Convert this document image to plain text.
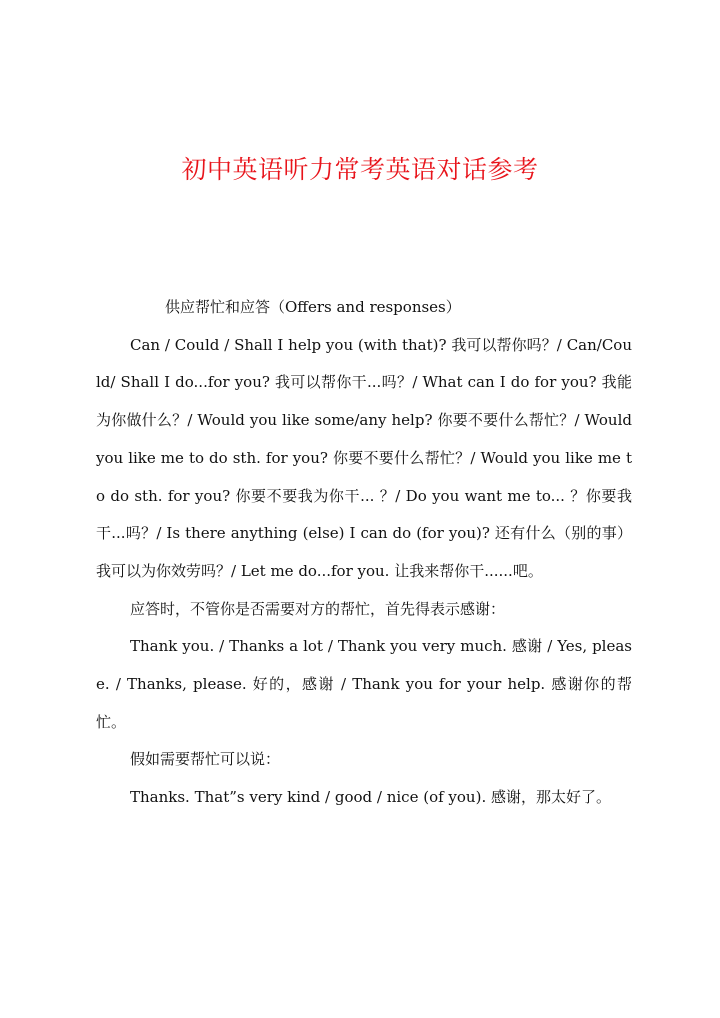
初中英语听力常考英语对话参考

供应帮忙和应答（Offers and responses）

Can / Could / Shall I help you (with that)? 我可以帮你吗？/ Can/Could/ Shall I do...for you? 我可以帮你干...吗？/ What can I do for you? 我能为你做什么？/ Would you like some/any help? 你要不要什么帮忙？/ Would you like me to do sth. for you? 你要不要什么帮忙？/ Would you like me to do sth. for you? 你要不要我为你干... ？/ Do you want me to... ？你要我干...吗？/ Is there anything (else) I can do (for you)? 还有什么（别的事）我可以为你效劳吗？/ Let me do...for you. 让我来帮你干......吧。

应答时，不管你是否需要对方的帮忙，首先得表示感谢：

Thank you. / Thanks a lot / Thank you very much. 感谢 / Yes, please. / Thanks, please. 好的，感谢 / Thank you for your help. 感谢你的帮忙。

假如需要帮忙可以说：

Thanks. That”s very kind / good / nice (of you). 感谢，那太好了。
